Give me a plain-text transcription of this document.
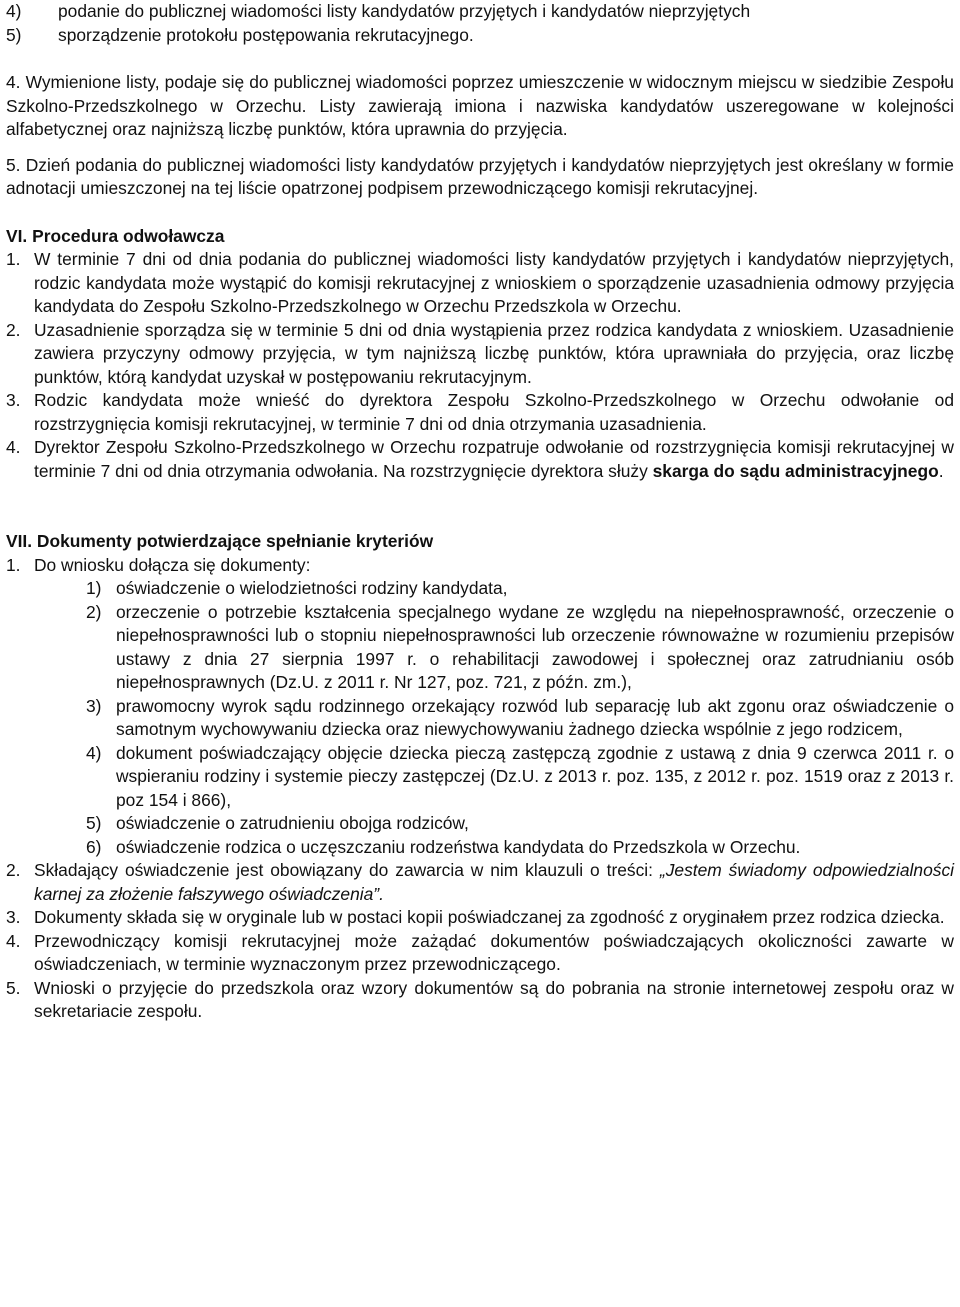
4)	podanie do publicznej wiadomości listy kandydatów przyjętych i kandydatów nieprzyjętych
5)	sporządzenie protokołu postępowania rekrutacyjnego.

4. Wymienione listy, podaje się do publicznej wiadomości poprzez umieszczenie w widocznym miejscu w siedzibie Zespołu Szkolno-Przedszkolnego w Orzechu. Listy zawierają imiona i nazwiska kandydatów uszeregowane w kolejności alfabetycznej oraz najniższą liczbę punktów, która uprawnia do przyjęcia.

5. Dzień podania do publicznej wiadomości listy kandydatów przyjętych i kandydatów nieprzyjętych jest określany w formie adnotacji umieszczonej na tej liście opatrzonej podpisem przewodniczącego komisji rekrutacyjnej.

VI. Procedura odwoławcza

1. W terminie 7 dni od dnia podania do publicznej wiadomości listy kandydatów przyjętych i kandydatów nieprzyjętych, rodzic kandydata może wystąpić do komisji rekrutacyjnej z wnioskiem o sporządzenie uzasadnienia odmowy przyjęcia kandydata do Zespołu Szkolno-Przedszkolnego w Orzechu Przedszkola w Orzechu.
2. Uzasadnienie sporządza się w terminie 5 dni od dnia wystąpienia przez rodzica kandydata z wnioskiem. Uzasadnienie zawiera przyczyny odmowy przyjęcia, w tym najniższą liczbę punktów, która uprawniała do przyjęcia, oraz liczbę punktów, którą kandydat uzyskał w postępowaniu rekrutacyjnym.
3. Rodzic kandydata może wnieść do dyrektora Zespołu Szkolno-Przedszkolnego w Orzechu odwołanie od rozstrzygnięcia komisji rekrutacyjnej, w terminie 7 dni od dnia otrzymania uzasadnienia.
4. Dyrektor Zespołu Szkolno-Przedszkolnego w Orzechu rozpatruje odwołanie od rozstrzygnięcia komisji rekrutacyjnej w terminie 7 dni od dnia otrzymania odwołania. Na rozstrzygnięcie dyrektora służy skarga do sądu administracyjnego.

VII. Dokumenty potwierdzające spełnianie kryteriów

1. Do wniosku dołącza się dokumenty:
1) oświadczenie o wielodzietności rodziny kandydata,
2) orzeczenie o potrzebie kształcenia specjalnego wydane ze względu na niepełnosprawność, orzeczenie o niepełnosprawności lub o stopniu niepełnosprawności lub orzeczenie równoważne w rozumieniu przepisów ustawy z dnia 27 sierpnia 1997 r. o rehabilitacji zawodowej i społecznej oraz zatrudnianiu osób niepełnosprawnych (Dz.U. z 2011 r. Nr 127, poz. 721, z późn. zm.),
3) prawomocny wyrok sądu rodzinnego orzekający rozwód lub separację lub akt zgonu oraz oświadczenie o samotnym wychowywaniu dziecka oraz niewychowywaniu żadnego dziecka wspólnie z jego rodzicem,
4) dokument poświadczający objęcie dziecka pieczą zastępczą zgodnie z ustawą z dnia 9 czerwca 2011 r. o wspieraniu rodziny i systemie pieczy zastępczej (Dz.U. z 2013 r. poz. 135, z 2012 r. poz. 1519 oraz z 2013 r. poz 154 i 866),
5) oświadczenie o zatrudnieniu obojga rodziców,
6) oświadczenie rodzica o uczęszczaniu rodzeństwa kandydata do Przedszkola w Orzechu.
2. Składający oświadczenie jest obowiązany do zawarcia w nim klauzuli o treści: „Jestem świadomy odpowiedzialności karnej za złożenie fałszywego oświadczenia”.
3. Dokumenty składa się w oryginale lub w postaci kopii poświadczanej za zgodność z oryginałem przez rodzica dziecka.
4. Przewodniczący komisji rekrutacyjnej może zażądać dokumentów poświadczających okoliczności zawarte w oświadczeniach, w terminie wyznaczonym przez przewodniczącego.
5. Wnioski o przyjęcie do przedszkola oraz wzory dokumentów są do pobrania na stronie internetowej zespołu oraz w sekretariacie zespołu.
